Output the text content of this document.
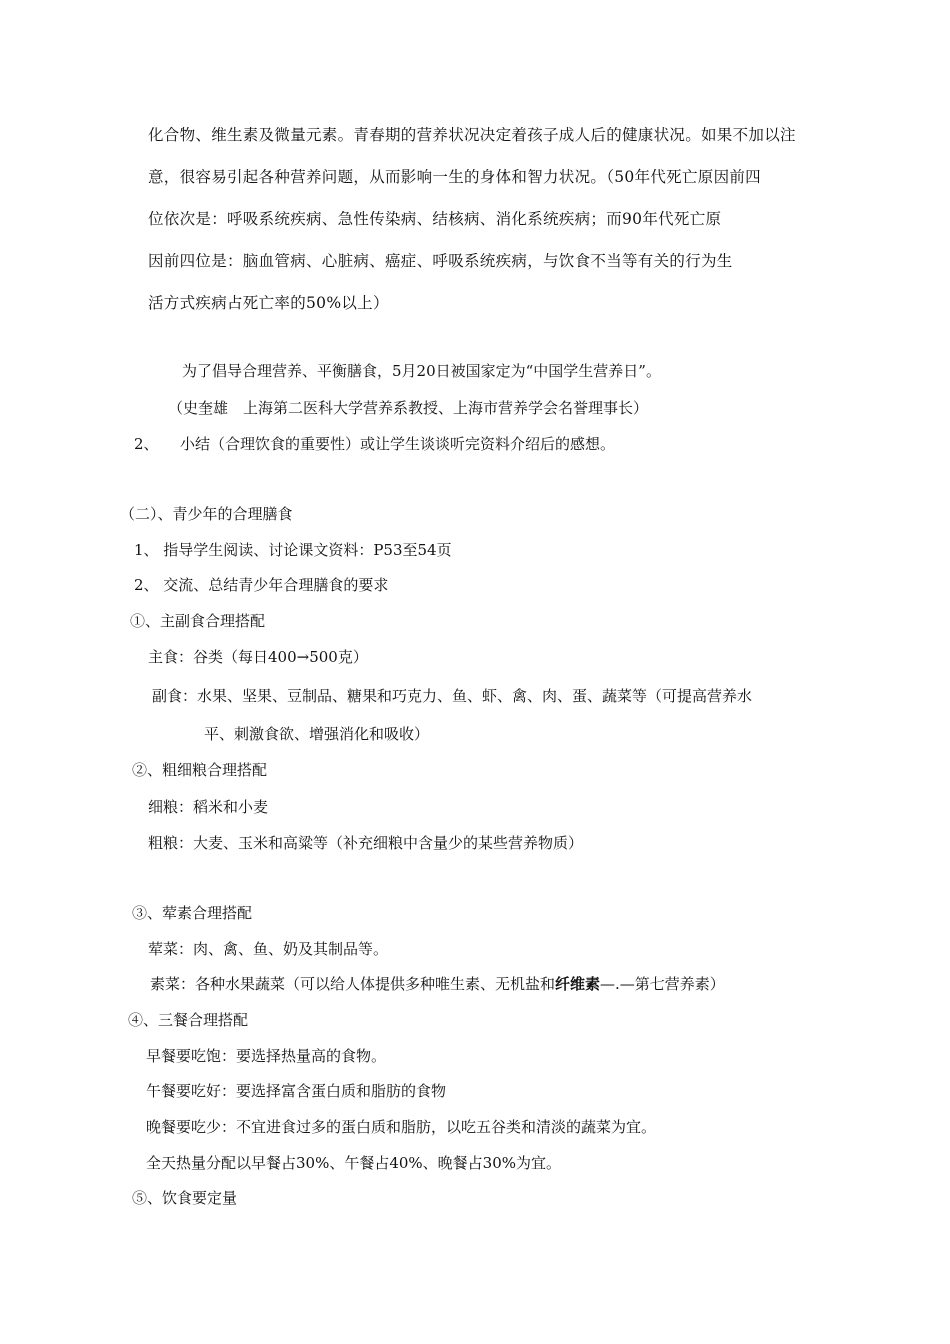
化合物、维生素及微量元素。青春期的营养状况决定着孩子成人后的健康状况。如果不加以注
意，很容易引起各种营养问题，从而影响一生的身体和智力状况。（50年代死亡原因前四
位依次是：呼吸系统疾病、急性传染病、结核病、消化系统疾病；而90年代死亡原
因前四位是：脑血管病、心脏病、癌症、呼吸系统疾病，与饮食不当等有关的行为生
活方式疾病占死亡率的50%以上）
为了倡导合理营养、平衡膳食，5月20日被国家定为“中国学生营养日”。
（史奎雄　上海第二医科大学营养系教授、上海市营养学会名誉理事长）
2、 小结（合理饮食的重要性）或让学生谈谈听完资料介绍后的感想。
（二）、青少年的合理膳食
1、 指导学生阅读、讨论课文资料：P53至54页
2、 交流、总结青少年合理膳食的要求
①、主副食合理搭配
主食：谷类（每日400→500克）
副食：水果、坚果、豆制品、糖果和巧克力、鱼、虾、禽、肉、蛋、蔬菜等（可提高营养水
平、刺激食欲、增强消化和吸收）
②、粗细粮合理搭配
细粮：稻米和小麦
粗粮：大麦、玉米和高粱等（补充细粮中含量少的某些营养物质）
③、荤素合理搭配
荤菜：肉、禽、鱼、奶及其制品等。
素菜：各种水果蔬菜（可以给人体提供多种唯生素、无机盐和纤维素—.—第七营养素）
④、三餐合理搭配
早餐要吃饱：要选择热量高的食物。
午餐要吃好：要选择富含蛋白质和脂肪的食物
晚餐要吃少：不宜进食过多的蛋白质和脂肪，以吃五谷类和清淡的蔬菜为宜。
全天热量分配以早餐占30%、午餐占40%、晚餐占30%为宜。
⑤、饮食要定量
